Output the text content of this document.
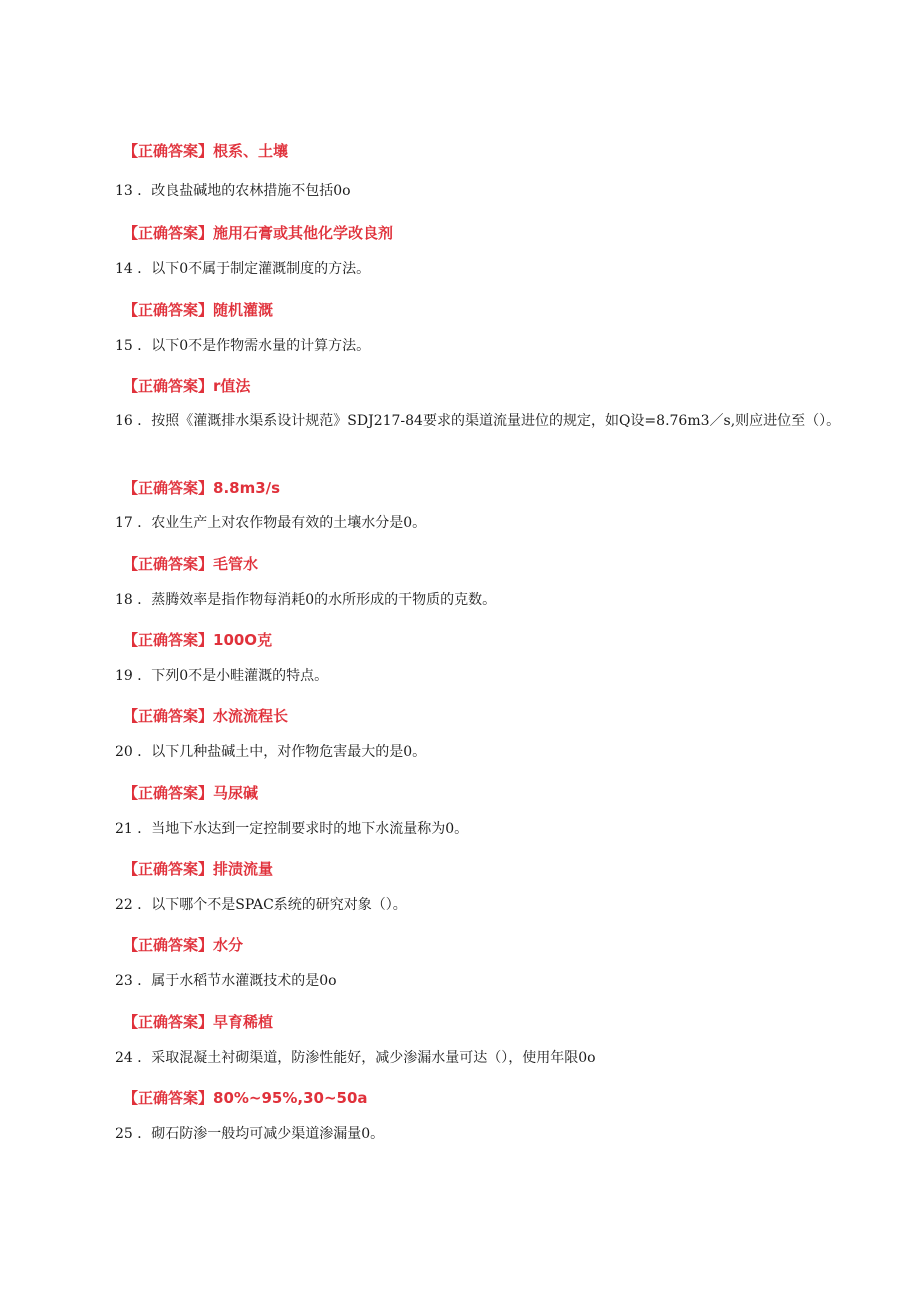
【正确答案】根系、土壤
13 ．改良盐碱地的农林措施不包括0o
【正确答案】施用石膏或其他化学改良剂
14 ．以下0不属于制定灌溉制度的方法。
【正确答案】随机灌溉
15 ．以下0不是作物需水量的计算方法。
【正确答案】r值法
16 ．按照《灌溉排水渠系设计规范》SDJ217-84要求的渠道流量进位的规定，如Q设=8.76m3／s,则应进位至（）。
【正确答案】8.8m3∕s
17 ．农业生产上对农作物最有效的土壤水分是0。
【正确答案】毛管水
18 ．蒸腾效率是指作物每消耗0的水所形成的干物质的克数。
【正确答案】100O克
19 ．下列0不是小畦灌溉的特点。
【正确答案】水流流程长
20 ．以下几种盐碱土中，对作物危害最大的是0。
【正确答案】马尿碱
21 ．当地下水达到一定控制要求时的地下水流量称为0。
【正确答案】排渍流量
22 ．以下哪个不是SPAC系统的研究对象（）。
【正确答案】水分
23 ．属于水稻节水灌溉技术的是0o
【正确答案】早育稀植
24 ．采取混凝土衬砌渠道，防渗性能好，减少渗漏水量可达（），使用年限0o
【正确答案】80%~95%,30~50a
25 ．砌石防渗一般均可减少渠道渗漏量0。
